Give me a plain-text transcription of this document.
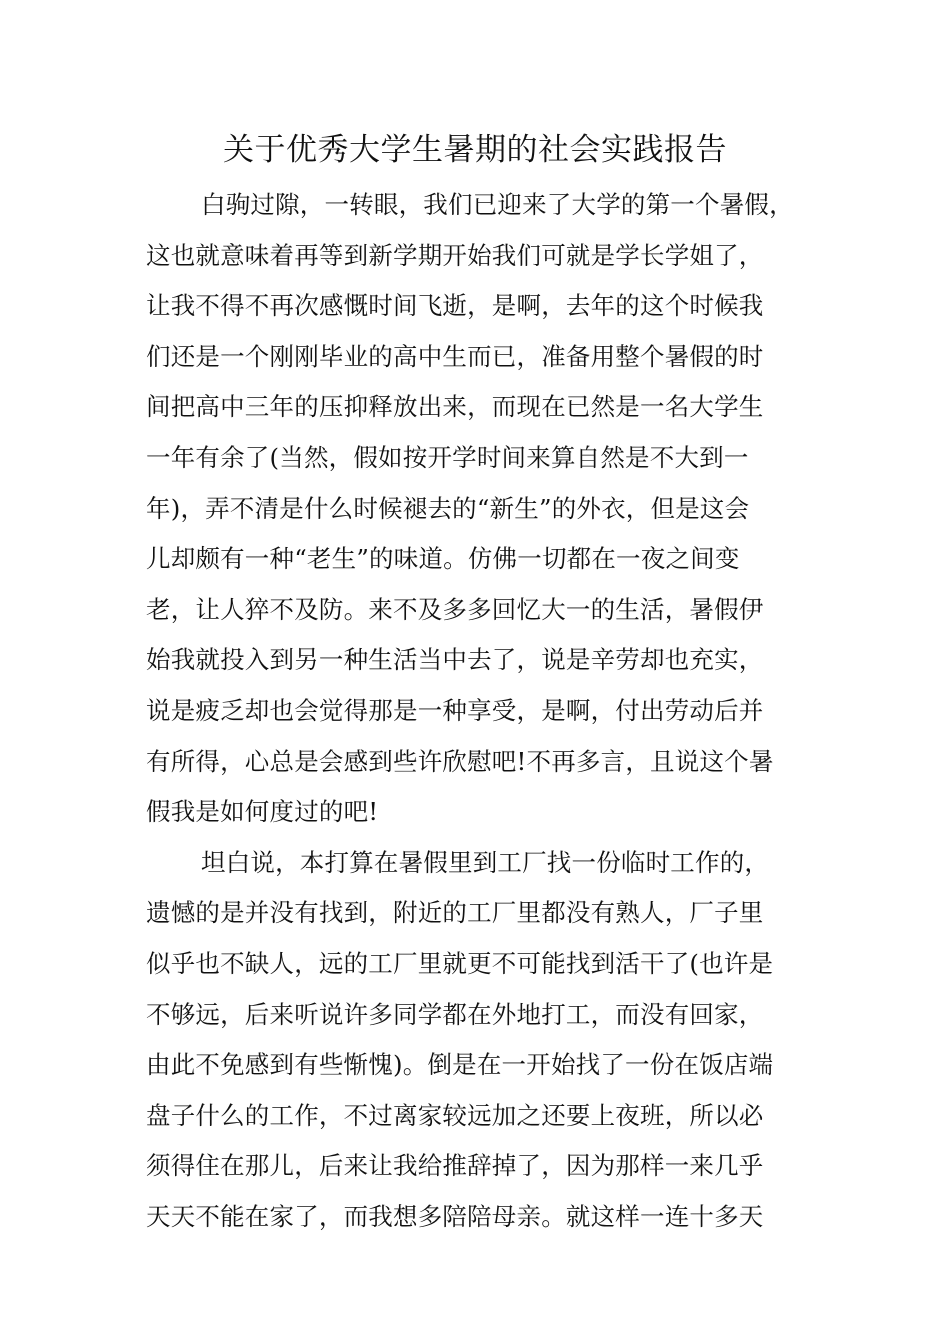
关于优秀大学生暑期的社会实践报告
白驹过隙，一转眼，我们已迎来了大学的第一个暑假，
这也就意味着再等到新学期开始我们可就是学长学姐了，
让我不得不再次感慨时间飞逝，是啊，去年的这个时候我
们还是一个刚刚毕业的高中生而已，准备用整个暑假的时
间把高中三年的压抑释放出来，而现在已然是一名大学生
一年有余了(当然，假如按开学时间来算自然是不大到一
年)，弄不清是什么时候褪去的“新生”的外衣，但是这会
儿却颇有一种“老生”的味道。仿佛一切都在一夜之间变
老，让人猝不及防。来不及多多回忆大一的生活，暑假伊
始我就投入到另一种生活当中去了，说是辛劳却也充实，
说是疲乏却也会觉得那是一种享受，是啊，付出劳动后并
有所得，心总是会感到些许欣慰吧!不再多言，且说这个暑
假我是如何度过的吧!
坦白说，本打算在暑假里到工厂找一份临时工作的，
遗憾的是并没有找到，附近的工厂里都没有熟人，厂子里
似乎也不缺人，远的工厂里就更不可能找到活干了(也许是
不够远，后来听说许多同学都在外地打工，而没有回家，
由此不免感到有些惭愧)。倒是在一开始找了一份在饭店端
盘子什么的工作，不过离家较远加之还要上夜班，所以必
须得住在那儿，后来让我给推辞掉了，因为那样一来几乎
天天不能在家了，而我想多陪陪母亲。就这样一连十多天
